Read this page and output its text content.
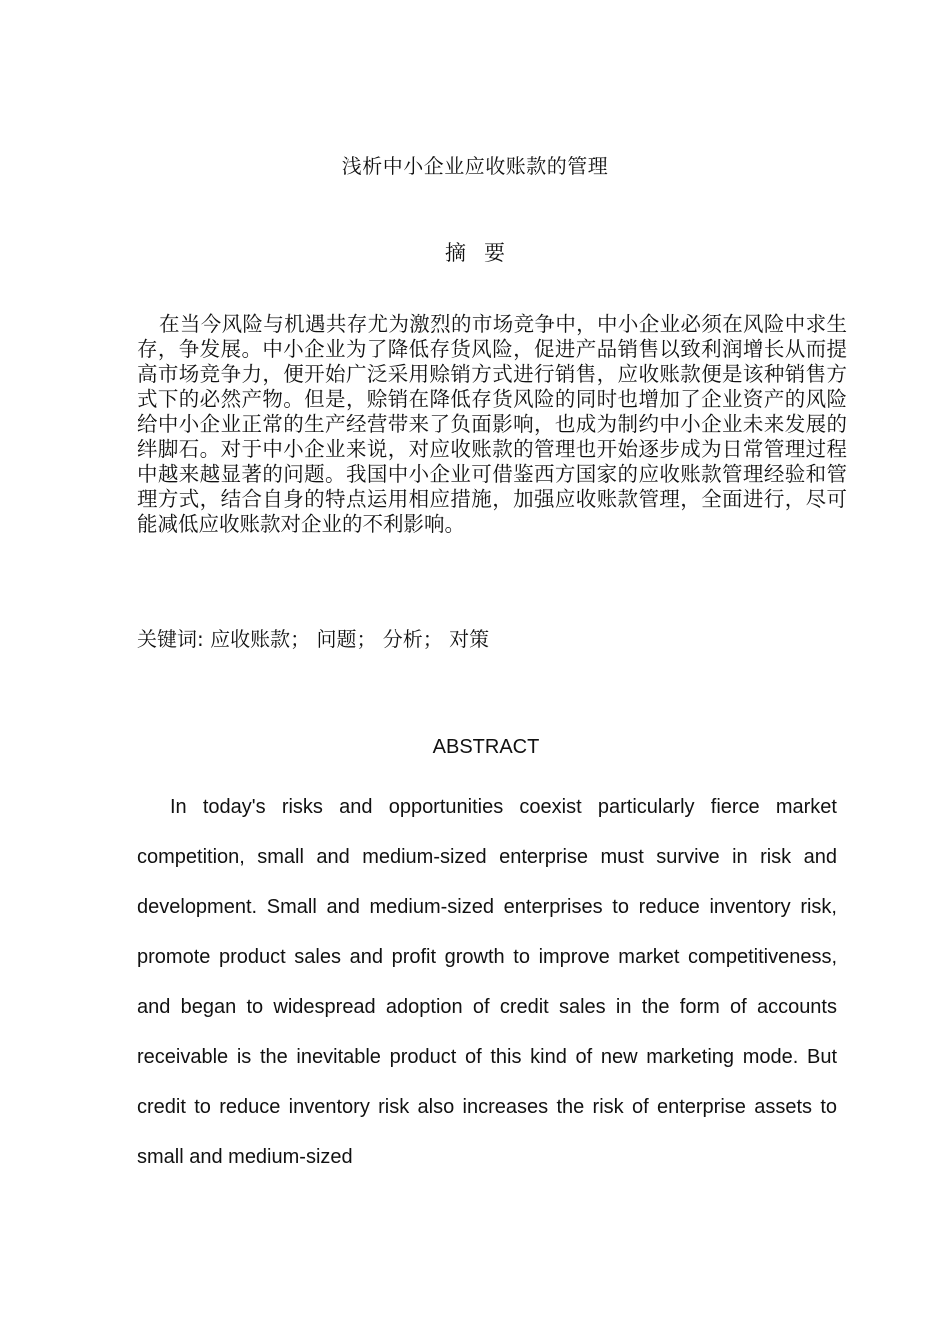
浅析中小企业应收账款的管理
摘要

在当今风险与机遇共存尤为激烈的市场竞争中，中小企业必须在风险中求生存，争发展。中小企业为了降低存货风险，促进产品销售以致利润增长从而提高市场竞争力，便开始广泛采用赊销方式进行销售，应收账款便是该种销售方式下的必然产物。但是，赊销在降低存货风险的同时也增加了企业资产的风险给中小企业正常的生产经营带来了负面影响，也成为制约中小企业未来发展的绊脚石。对于中小企业来说，对应收账款的管理也开始逐步成为日常管理过程中越来越显著的问题。我国中小企业可借鉴西方国家的应收账款管理经验和管理方式，结合自身的特点运用相应措施，加强应收账款管理，全面进行，尽可能减低应收账款对企业的不利影响。

关键词: 应收账款； 问题； 分析； 对策
ABSTRACT

In today's risks and opportunities coexist particularly fierce market competition, small and medium-sized enterprise must survive in risk and development. Small and medium-sized enterprises to reduce inventory risk, promote product sales and profit growth to improve market competitiveness, and began to widespread adoption of credit sales in the form of accounts receivable is the inevitable product of this kind of new marketing mode. But credit to reduce inventory risk also increases the risk of enterprise assets to small and medium-sized
